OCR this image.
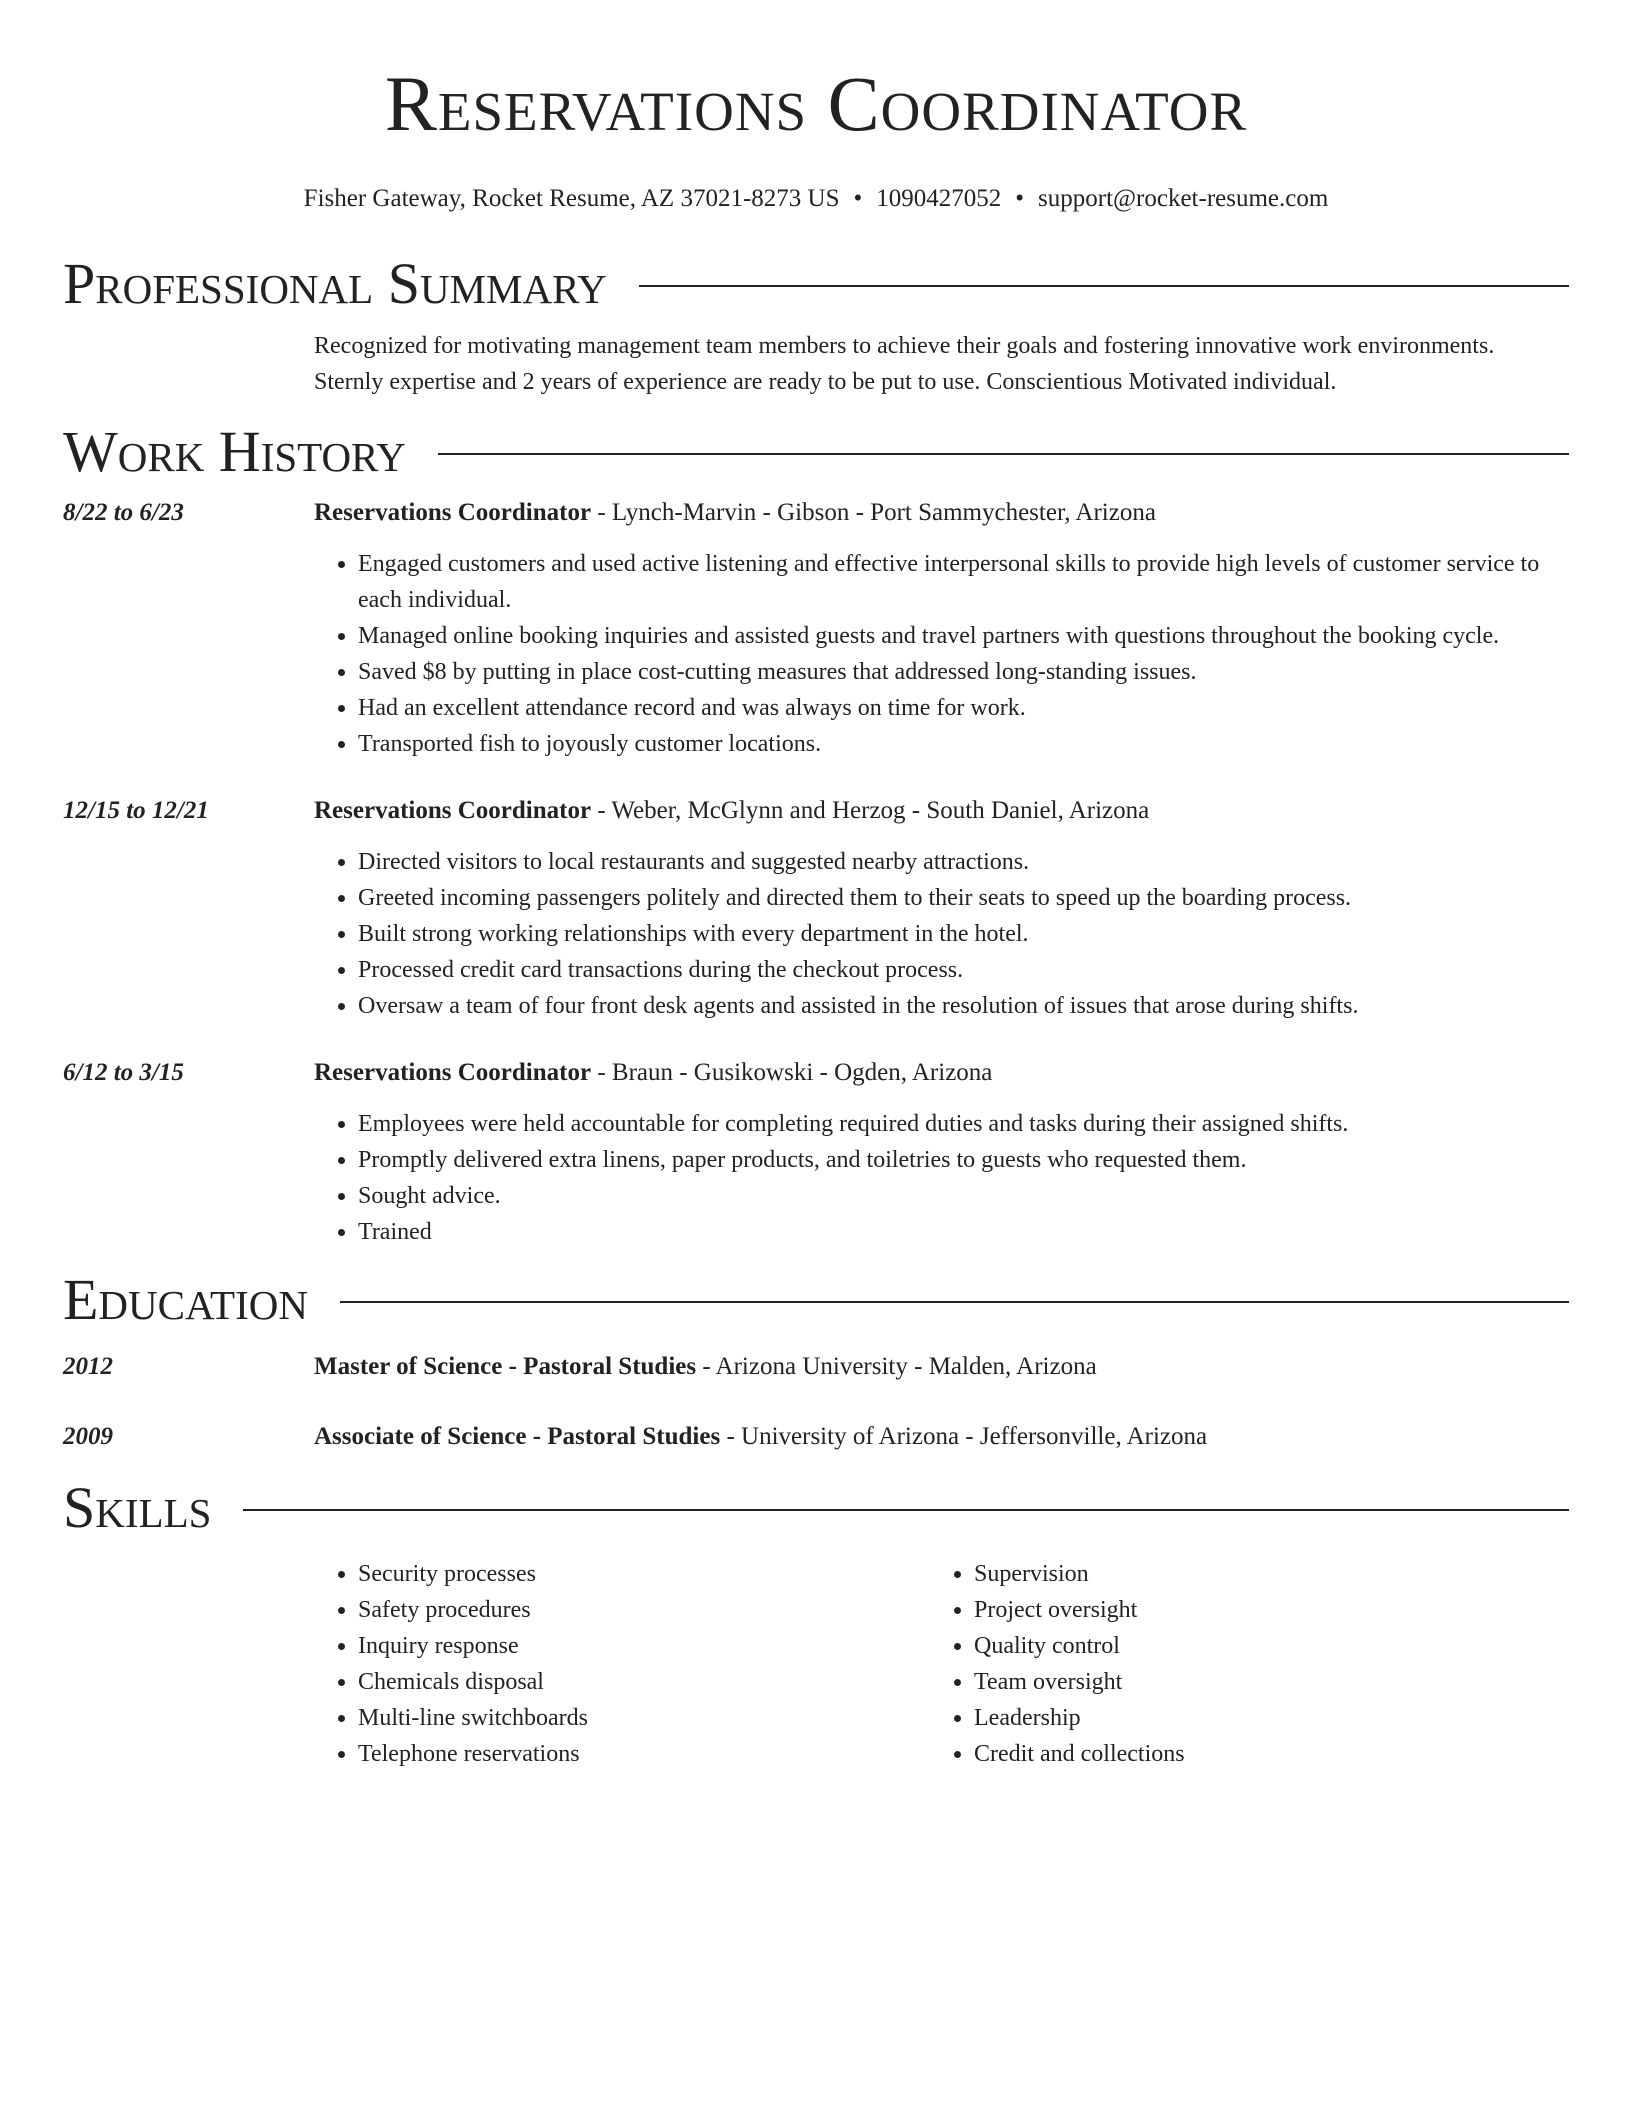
Reservations Coordinator
Fisher Gateway, Rocket Resume, AZ 37021-8273 US • 1090427052 • support@rocket-resume.com
Professional Summary
Recognized for motivating management team members to achieve their goals and fostering innovative work environments. Sternly expertise and 2 years of experience are ready to be put to use. Conscientious Motivated individual.
Work History
8/22 to 6/23	Reservations Coordinator - Lynch-Marvin - Gibson - Port Sammychester, Arizona
• Engaged customers and used active listening and effective interpersonal skills to provide high levels of customer service to each individual.
• Managed online booking inquiries and assisted guests and travel partners with questions throughout the booking cycle.
• Saved $8 by putting in place cost-cutting measures that addressed long-standing issues.
• Had an excellent attendance record and was always on time for work.
• Transported fish to joyously customer locations.
12/15 to 12/21	Reservations Coordinator - Weber, McGlynn and Herzog - South Daniel, Arizona
• Directed visitors to local restaurants and suggested nearby attractions.
• Greeted incoming passengers politely and directed them to their seats to speed up the boarding process.
• Built strong working relationships with every department in the hotel.
• Processed credit card transactions during the checkout process.
• Oversaw a team of four front desk agents and assisted in the resolution of issues that arose during shifts.
6/12 to 3/15	Reservations Coordinator - Braun - Gusikowski - Ogden, Arizona
• Employees were held accountable for completing required duties and tasks during their assigned shifts.
• Promptly delivered extra linens, paper products, and toiletries to guests who requested them.
• Sought advice.
• Trained
Education
2012	Master of Science - Pastoral Studies - Arizona University - Malden, Arizona
2009	Associate of Science - Pastoral Studies - University of Arizona - Jeffersonville, Arizona
Skills
• Security processes
• Safety procedures
• Inquiry response
• Chemicals disposal
• Multi-line switchboards
• Telephone reservations
• Supervision
• Project oversight
• Quality control
• Team oversight
• Leadership
• Credit and collections
